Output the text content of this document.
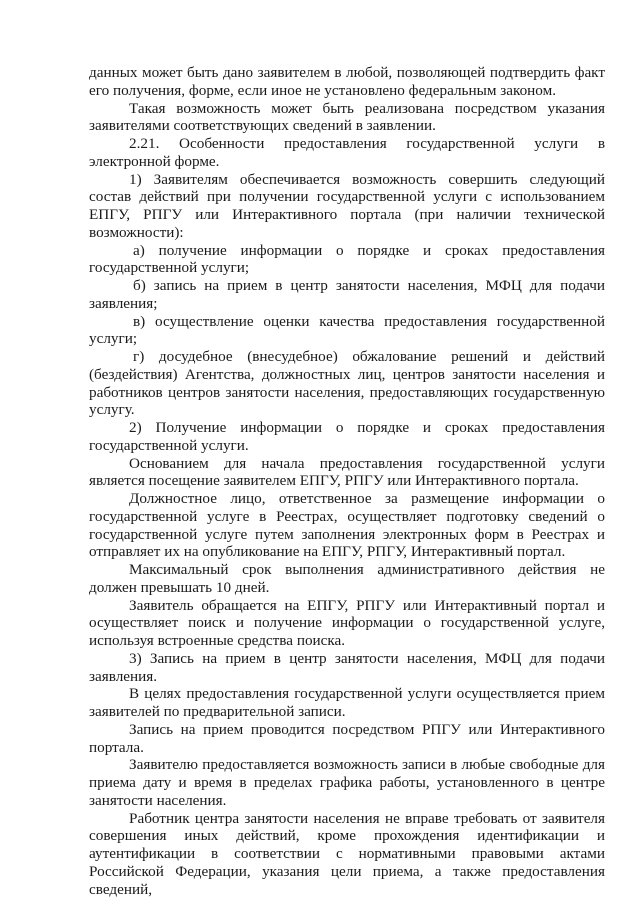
данных может быть дано заявителем в любой, позволяющей подтвердить факт его получения, форме, если иное не установлено федеральным законом.

Такая возможность может быть реализована посредством указания заявителями соответствующих сведений в заявлении.

2.21. Особенности предоставления государственной услуги в электронной форме.

1) Заявителям обеспечивается возможность совершить следующий состав действий при получении государственной услуги с использованием ЕПГУ, РПГУ или Интерактивного портала (при наличии технической возможности):

а) получение информации о порядке и сроках предоставления государственной услуги;

б) запись на прием в центр занятости населения, МФЦ для подачи заявления;

в) осуществление оценки качества предоставления государственной услуги;

г) досудебное (внесудебное) обжалование решений и действий (бездействия) Агентства, должностных лиц, центров занятости населения и работников центров занятости населения, предоставляющих государственную услугу.

2) Получение информации о порядке и сроках предоставления государственной услуги.

Основанием для начала предоставления государственной услуги является посещение заявителем ЕПГУ, РПГУ или Интерактивного портала.

Должностное лицо, ответственное за размещение информации о государственной услуге в Реестрах, осуществляет подготовку сведений о государственной услуге путем заполнения электронных форм в Реестрах и отправляет их на опубликование на ЕПГУ, РПГУ, Интерактивный портал.

Максимальный срок выполнения административного действия не должен превышать 10 дней.

Заявитель обращается на ЕПГУ, РПГУ или Интерактивный портал и осуществляет поиск и получение информации о государственной услуге, используя встроенные средства поиска.

3) Запись на прием в центр занятости населения, МФЦ для подачи заявления.

В целях предоставления государственной услуги осуществляется прием заявителей по предварительной записи.

Запись на прием проводится посредством РПГУ или Интерактивного портала.

Заявителю предоставляется возможность записи в любые свободные для приема дату и время в пределах графика работы, установленного в центре занятости населения.

Работник центра занятости населения не вправе требовать от заявителя совершения иных действий, кроме прохождения идентификации и аутентификации в соответствии с нормативными правовыми актами Российской Федерации, указания цели приема, а также предоставления сведений,
